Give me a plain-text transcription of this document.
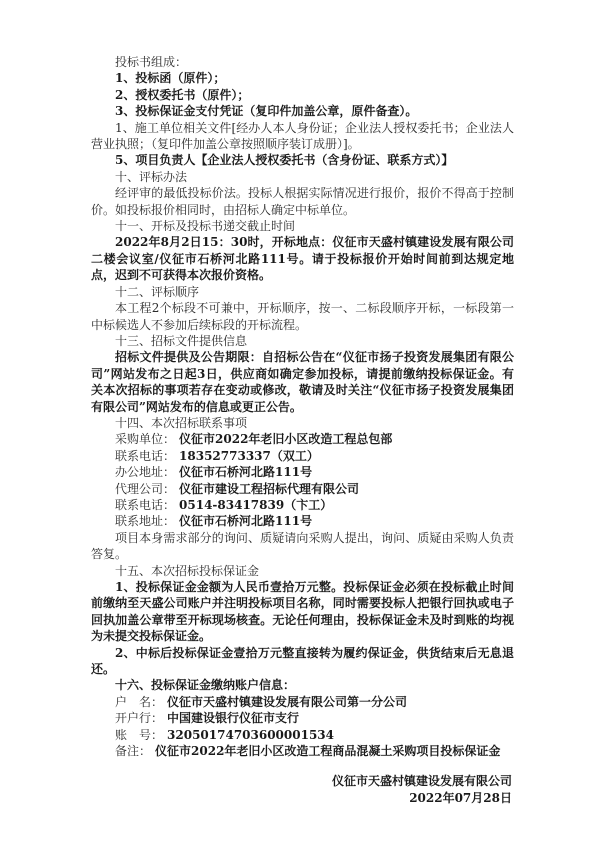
投标书组成：

1、投标函（原件）；

2、授权委托书（原件）；

3、投标保证金支付凭证（复印件加盖公章，原件备查）。

1、施工单位相关文件[经办人本人身份证；企业法人授权委托书；企业法人营业执照；（复印件加盖公章按照顺序装订成册）]。

5、项目负责人【企业法人授权委托书（含身份证、联系方式）】

十、评标办法

经评审的最低投标价法。投标人根据实际情况进行报价，报价不得高于控制价。如投标报价相同时，由招标人确定中标单位。

十一、开标及投标书递交截止时间

2022年8月2日15：30时，开标地点：仪征市天盛村镇建设发展有限公司二楼会议室/仪征市石桥河北路111号。请于投标报价开始时间前到达规定地点，迟到不可获得本次报价资格。

十二、评标顺序

本工程2个标段不可兼中，开标顺序，按一、二标段顺序开标，一标段第一中标候选人不参加后续标段的开标流程。

十三、招标文件提供信息

招标文件提供及公告期限：自招标公告在“仪征市扬子投资发展集团有限公司”网站发布之日起3日，供应商如确定参加投标，请提前缴纳投标保证金。有关本次招标的事项若存在变动或修改，敬请及时关注“仪征市扬子投资发展集团有限公司”网站发布的信息或更正公告。

十四、本次招标联系事项

采购单位： 仪征市2022年老旧小区改造工程总包部

联系电话： 18352773337（双工）

办公地址： 仪征市石桥河北路111号

代理公司： 仪征市建设工程招标代理有限公司

联系电话： 0514-83417839（卞工）

联系地址： 仪征市石桥河北路111号

项目本身需求部分的询问、质疑请向采购人提出，询问、质疑由采购人负责答复。

十五、本次招标投标保证金

1、投标保证金金额为人民币壹拾万元整。投标保证金必须在投标截止时间前缴纳至天盛公司账户并注明投标项目名称，同时需要投标人把银行回执或电子回执加盖公章带至开标现场核查。无论任何理由，投标保证金未及时到账的均视为未提交投标保证金。

2、中标后投标保证金壹拾万元整直接转为履约保证金，供货结束后无息退还。

十六、投标保证金缴纳账户信息：

户　名： 仪征市天盛村镇建设发展有限公司第一分公司

开户行： 中国建设银行仪征市支行

账　号： 32050174703600001534

备注： 仪征市2022年老旧小区改造工程商品混凝土采购项目投标保证金

仪征市天盛村镇建设发展有限公司

2022年07月28日
